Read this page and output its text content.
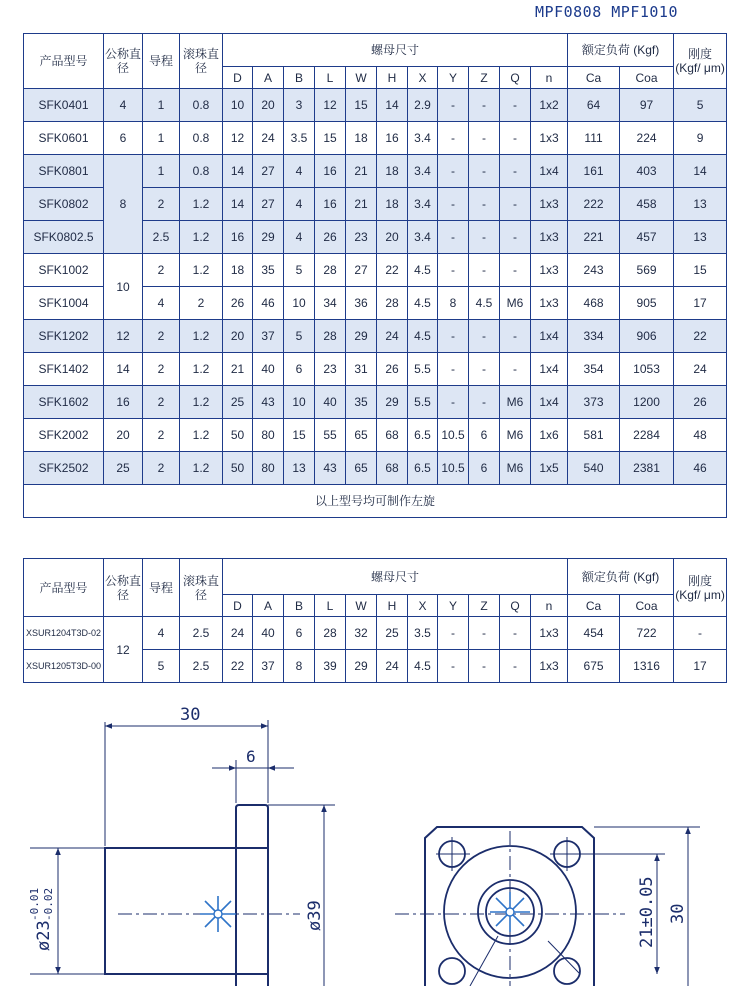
MPF0808 MPF1010
产品型号	公称直径	导程	滚珠直径	螺母尺寸											额定负荷 (Kgf)		刚度 (Kgf/ μm)
				D	A	B	L	W	H	X	Y	Z	Q	n	Ca	Coa	
SFK0401	4	1	0.8	10	20	3	12	15	14	2.9	-	-	-	1x2	64	97	5
SFK0601	6	1	0.8	12	24	3.5	15	18	16	3.4	-	-	-	1x3	111	224	9
SFK0801	8	1	0.8	14	27	4	16	21	18	3.4	-	-	-	1x4	161	403	14
SFK0802		2	1.2	14	27	4	16	21	18	3.4	-	-	-	1x3	222	458	13
SFK0802.5		2.5	1.2	16	29	4	26	23	20	3.4	-	-	-	1x3	221	457	13
SFK1002	10	2	1.2	18	35	5	28	27	22	4.5	-	-	-	1x3	243	569	15
SFK1004		4	2	26	46	10	34	36	28	4.5	8	4.5	M6	1x3	468	905	17
SFK1202	12	2	1.2	20	37	5	28	29	24	4.5	-	-	-	1x4	334	906	22
SFK1402	14	2	1.2	21	40	6	23	31	26	5.5	-	-	-	1x4	354	1053	24
SFK1602	16	2	1.2	25	43	10	40	35	29	5.5	-	-	M6	1x4	373	1200	26
SFK2002	20	2	1.2	50	80	15	55	65	68	6.5	10.5	6	M6	1x6	581	2284	48
SFK2502	25	2	1.2	50	80	13	43	65	68	6.5	10.5	6	M6	1x5	540	2381	46
以上型号均可制作左旋																	
产品型号	公称直径	导程	滚珠直径	螺母尺寸											额定负荷 (Kgf)		刚度 (Kgf/ μm)
				D	A	B	L	W	H	X	Y	Z	Q	n	Ca	Coa	
XSUR1204T3D-02	12	4	2.5	24	40	6	28	32	25	3.5	-	-	-	1x3	454	722	-
XSUR1205T3D-00		5	2.5	22	37	8	39	29	24	4.5	-	-	-	1x3	675	1316	17
30
6
ø23
-0.01 -0.02	ø39	21±0.05 30
